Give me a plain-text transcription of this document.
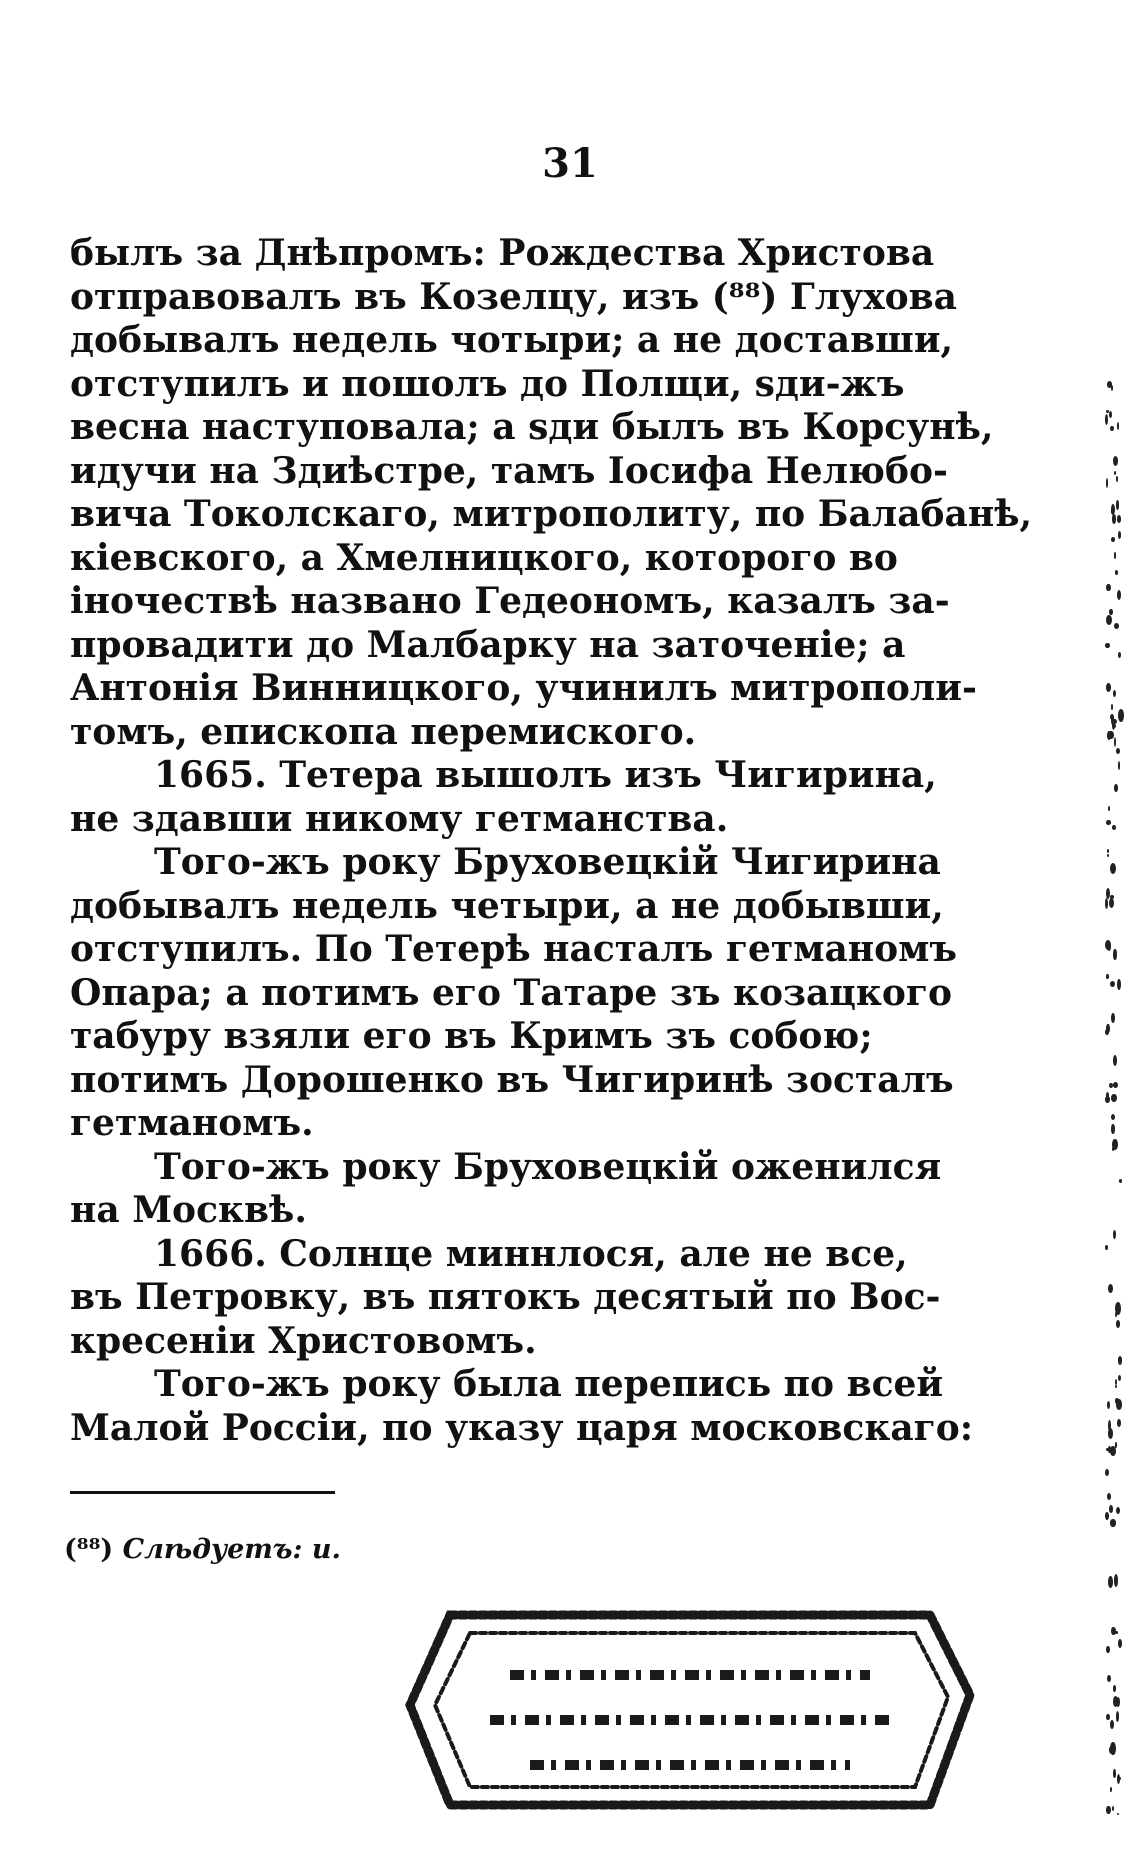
31
былъ за Днѣпромъ: Рождества Христова
отправовалъ въ Козелцу, изъ (⁸⁸) Глухова
добывалъ недель чотыри; а не доставши,
отступилъ и пошолъ до Полщи, ѕди-жъ
весна наступовала; а ѕди былъ въ Корсунѣ,
идучи на Здиѣстре, тамъ Іосифа Нелюбо-
вича Токолскаго, митрополиту, по Балабанѣ,
кiевского, а Хмелницкого, которого во
іночествѣ названо Гедеономъ, казалъ за-
провадити до Малбарку на заточеніе; а
Антонія Винницкого, учинилъ митрополи-
томъ, епископа перемиского.
1665. Тетера вышолъ изъ Чигирина,
не здавши никому гетманства.
Того-жъ року Бруховецкій Чигирина
добывалъ недель четыри, а не добывши,
отступилъ. По Тетерѣ насталъ гетманомъ
Опара; а потимъ его Татаре зъ козацкого
табуру взяли его въ Кримъ зъ собою;
потимъ Дорошенко въ Чигиринѣ зосталъ
гетманомъ.
Того-жъ року Бруховецкій оженился
на Москвѣ.
1666. Солнце миннлося, але не все,
въ Петровку, въ пятокъ десятый по Вос-
кресеніи Христовомъ.
Того-жъ року была перепись по всей
Малой Россіи, по указу царя московскаго:
(⁸⁸) Слѣдуетъ: и.
